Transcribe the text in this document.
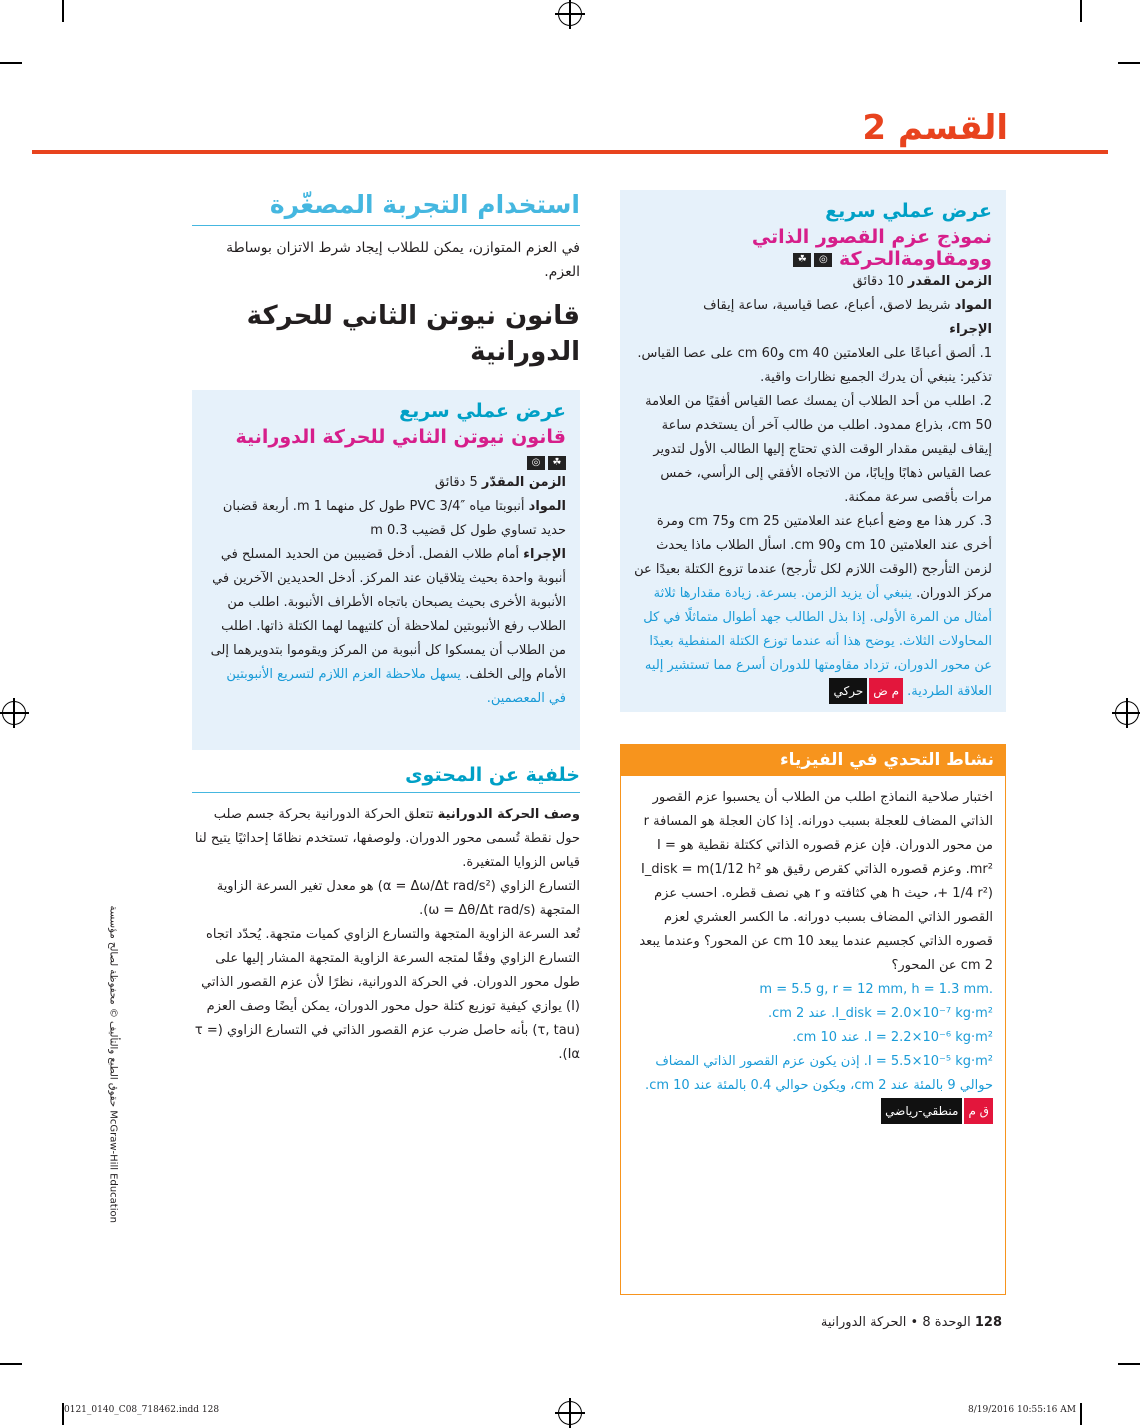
القسم 2
استخدام التجربة المصغّرة
في العزم المتوازن، يمكن للطلاب إيجاد شرط الاتزان بوساطة العزم.
قانون نيوتن الثاني للحركة الدورانية
عرض عملي سريع
قانون نيوتن الثاني للحركة الدورانية
☘◎
الزمن المقدّر 5 دقائق
المواد أنبوبتا مياه ″3/4 PVC طول كل منهما 1 m. أربعة قضبان حديد تساوي طول كل قضيب 0.3 m
الإجراء أمام طلاب الفصل. أدخل قضيبين من الحديد المسلح في أنبوبة واحدة بحيث يتلاقيان عند المركز. أدخل الحديدين الآخرين في الأنبوبة الأخرى بحيث يصبحان باتجاه الأطراف الأنبوبة. اطلب من الطلاب رفع الأنبوبتين لملاحظة أن كلتيهما لهما الكتلة ذاتها. اطلب من الطلاب أن يمسكوا كل أنبوبة من المركز ويقوموا بتدويرهما إلى الأمام وإلى الخلف. يسهل ملاحظة العزم اللازم لتسريع الأنبوبتين في المعصمين.
خلفية عن المحتوى
وصف الحركة الدورانية تتعلق الحركة الدورانية بحركة جسم صلب حول نقطة تُسمى محور الدوران. ولوصفها، تستخدم نظامًا إحداثيًا يتيح لنا قياس الزوايا المتغيرة.
التسارع الزاوي (α = Δω/Δt rad/s²) هو معدل تغير السرعة الزاوية المتجهة (ω = Δθ/Δt rad/s).
تُعد السرعة الزاوية المتجهة والتسارع الزاوي كميات متجهة. يُحدّد اتجاه التسارع الزاوي وفقًا لمتجه السرعة الزاوية المتجهة المشار إليها على طول محور الدوران. في الحركة الدورانية، نظرًا لأن عزم القصور الذاتي (I) يوازي كيفية توزيع كتلة حول محور الدوران، يمكن أيضًا وصف العزم (τ, tau) بأنه حاصل ضرب عزم القصور الذاتي في التسارع الزاوي (τ = Iα).
عرض عملي سريع
نموذج عزم القصور الذاتي
وومقاومةالحركة ◎☘
الزمن المقدر 10 دقائق
المواد شريط لاصق، أعباع، عصا قياسية، ساعة إيقاف
الإجراء
1. ألصق أعباعًا على العلامتين 40 cm و60 cm على عصا القياس. تذكير: ينبغي أن يدرك الجميع نظارات واقية.
2. اطلب من أحد الطلاب أن يمسك عصا القياس أفقيًا من العلامة 50 cm، بذراع ممدود. اطلب من طالب آخر أن يستخدم ساعة إيقاف ليقيس مقدار الوقت الذي تحتاج إليها الطالب الأول لتدوير عصا القياس ذهابًا وإيابًا، من الاتجاه الأفقي إلى الرأسي، خمس مرات بأقصى سرعة ممكنة.
3. كرر هذا مع وضع أعباع عند العلامتين 25 cm و75 cm ومرة أخرى عند العلامتين 10 cm و90 cm. اسأل الطلاب ماذا يحدث لزمن التأرجح (الوقت اللازم لكل تأرجح) عندما تزوع الكتلة بعيدًا عن مركز الدوران. ينبغي أن يزيد الزمن. بسرعة. زيادة مقدارها ثلاثة أمثال من المرة الأولى. إذا بذل الطالب جهد أطوال متماثلًا في كل المحاولات الثلاث. يوضح هذا أنه عندما توزع الكتلة المنفطية بعيدًا عن محور الدوران، تزداد مقاومتها للدوران أسرع مما تستشير إليه العلاقة الطردية. م ضحركي
نشاط التحدي في الفيزياء
اختبار صلاحية النماذج اطلب من الطلاب أن يحسبوا عزم القصور الذاتي المضاف للعجلة بسبب دورانه. إذا كان العجلة هو المسافة r من محور الدوران. فإن عزم قصوره الذاتي ككتلة نقطية هو I = mr². وعزم قصوره الذاتي كقرص رقيق هو I_disk = m(1/12 h² + 1/4 r²)، حيث h هي كثافته و r هي نصف قطره. احسب عزم القصور الذاتي المضاف بسبب دورانه. ما الكسر العشري لعزم قصوره الذاتي كجسيم عندما يبعد 10 cm عن المحور؟ وعندما يبعد 2 cm عن المحور؟
m = 5.5 g, r = 12 mm, h = 1.3 mm.
I_disk = 2.0×10⁻⁷ kg·m². عند 2 cm.
I = 2.2×10⁻⁶ kg·m². عند 10 cm.
I = 5.5×10⁻⁵ kg·m². إذن يكون عزم القصور الذاتي المضاف حوالي 9 بالمئة عند 2 cm، ويكون حوالي 0.4 بالمئة عند 10 cm. ق ممنطقي-رياضي
128 الوحدة 8 • الحركة الدورانية
حقوق الطبع والتأليف © محفوظة لصالح مؤسسة McGraw-Hill Education
0121_0140_C08_718462.indd 128	8/19/2016 10:55:16 AM
